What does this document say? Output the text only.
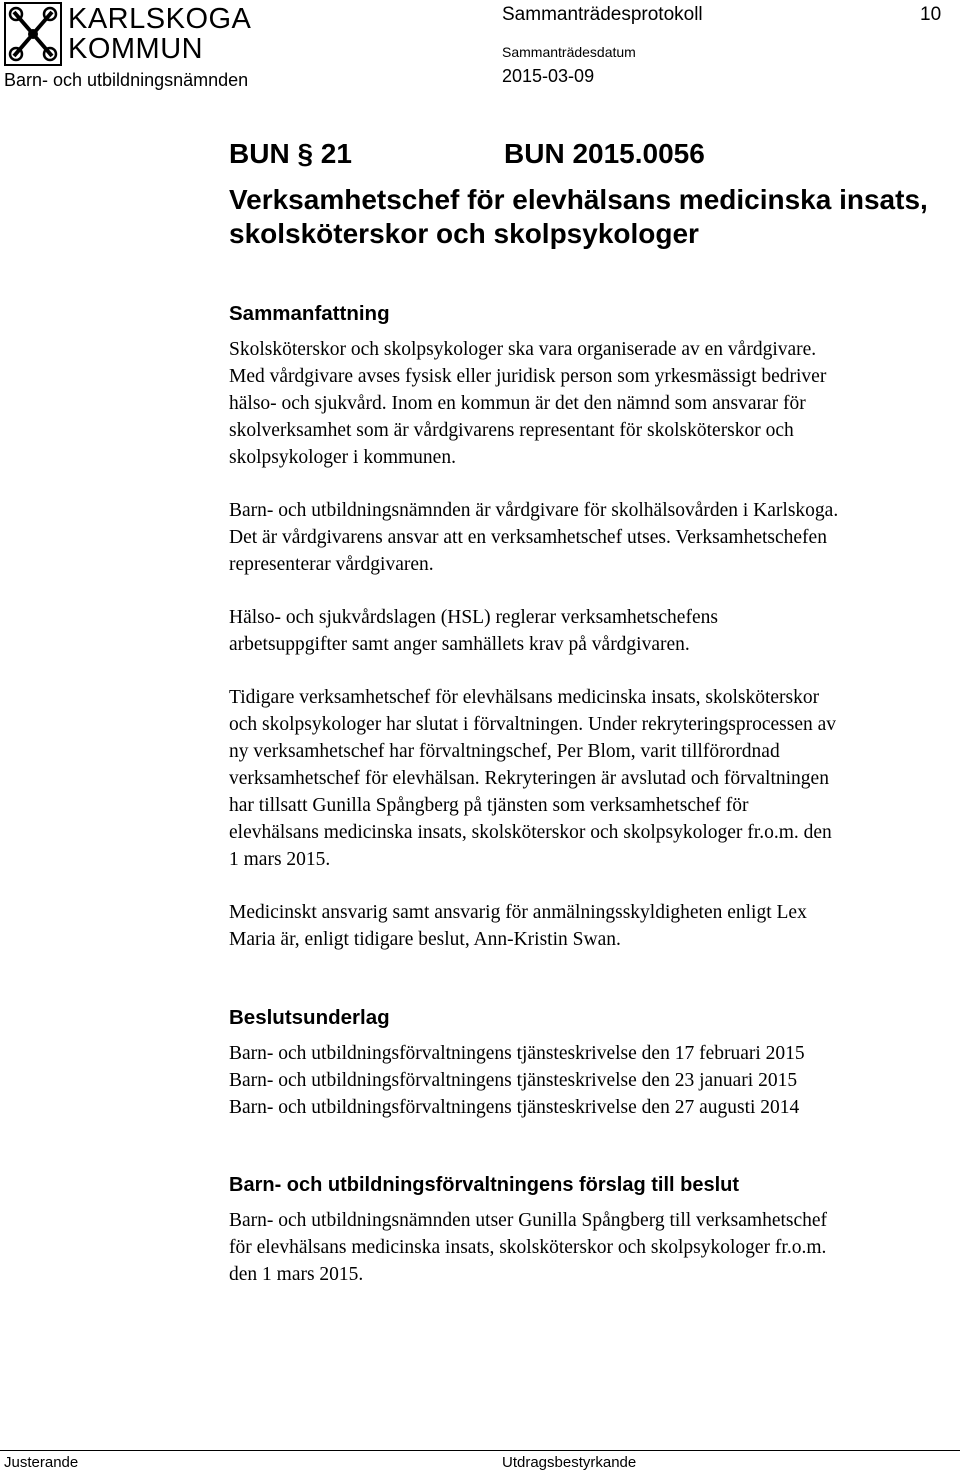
KARLSKOGA
KOMMUN
Barn- och utbildningsnämnden
Sammanträdesprotokoll	10
Sammanträdesdatum
2015-03-09
BUN § 21	BUN 2015.0056
Verksamhetschef för elevhälsans medicinska insats,
skolsköterskor och skolpsykologer
Sammanfattning

Skolsköterskor och skolpsykologer ska vara organiserade av en vårdgivare.

Med vårdgivare avses fysisk eller juridisk person som yrkesmässigt bedriver

hälso- och sjukvård. Inom en kommun är det den nämnd som ansvarar för

skolverksamhet som är vårdgivarens representant för skolsköterskor och

skolpsykologer i kommunen.

Barn- och utbildningsnämnden är vårdgivare för skolhälsovården i Karlskoga.

Det är vårdgivarens ansvar att en verksamhetschef utses. Verksamhetschefen

representerar vårdgivaren.

Hälso- och sjukvårdslagen (HSL) reglerar verksamhetschefens

arbetsuppgifter samt anger samhällets krav på vårdgivaren.

Tidigare verksamhetschef för elevhälsans medicinska insats, skolsköterskor

och skolpsykologer har slutat i förvaltningen. Under rekryteringsprocessen av

ny verksamhetschef har förvaltningschef, Per Blom, varit tillförordnad

verksamhetschef för elevhälsan. Rekryteringen är avslutad och förvaltningen

har tillsatt Gunilla Spångberg på tjänsten som verksamhetschef för

elevhälsans medicinska insats, skolsköterskor och skolpsykologer fr.o.m. den

1 mars 2015.

Medicinskt ansvarig samt ansvarig för anmälningsskyldigheten enligt Lex

Maria är, enligt tidigare beslut, Ann-Kristin Swan.

Beslutsunderlag

Barn- och utbildningsförvaltningens tjänsteskrivelse den 17 februari 2015

Barn- och utbildningsförvaltningens tjänsteskrivelse den 23 januari 2015

Barn- och utbildningsförvaltningens tjänsteskrivelse den 27 augusti 2014

Barn- och utbildningsförvaltningens förslag till beslut

Barn- och utbildningsnämnden utser Gunilla Spångberg till verksamhetschef

för elevhälsans medicinska insats, skolsköterskor och skolpsykologer fr.o.m.

den 1 mars 2015.

Justerande	Utdragsbestyrkande
